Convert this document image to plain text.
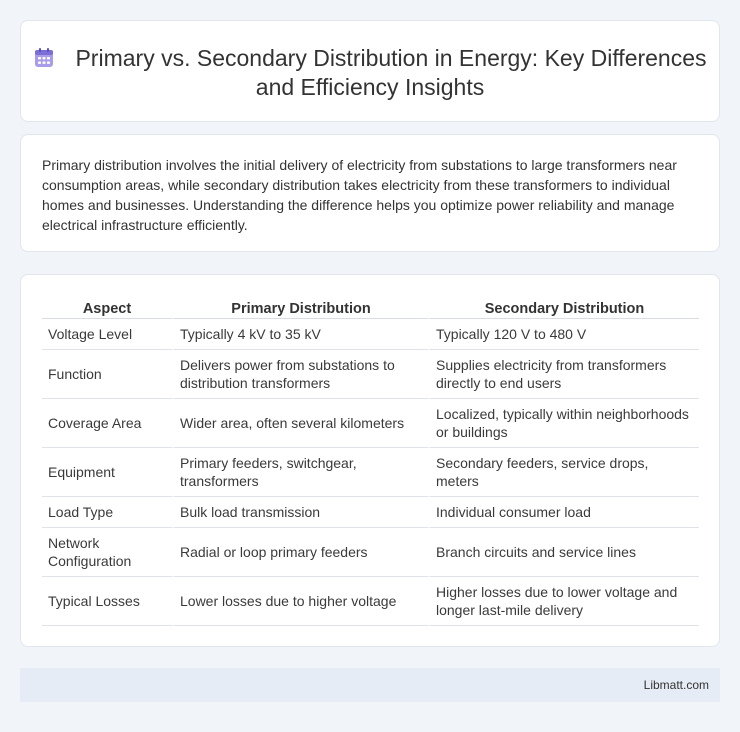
Primary vs. Secondary Distribution in Energy: Key Differences and Efficiency Insights

Primary distribution involves the initial delivery of electricity from substations to large transformers near consumption areas, while secondary distribution takes electricity from these transformers to individual homes and businesses. Understanding the difference helps you optimize power reliability and manage electrical infrastructure efficiently.

Aspect	Primary Distribution	Secondary Distribution
Voltage Level	Typically 4 kV to 35 kV	Typically 120 V to 480 V
Function	Delivers power from substations to distribution transformers	Supplies electricity from transformers directly to end users
Coverage Area	Wider area, often several kilometers	Localized, typically within neighborhoods or buildings
Equipment	Primary feeders, switchgear, transformers	Secondary feeders, service drops, meters
Load Type	Bulk load transmission	Individual consumer load
Network Configuration	Radial or loop primary feeders	Branch circuits and service lines
Typical Losses	Lower losses due to higher voltage	Higher losses due to lower voltage and longer last-mile delivery
Libmatt.com
